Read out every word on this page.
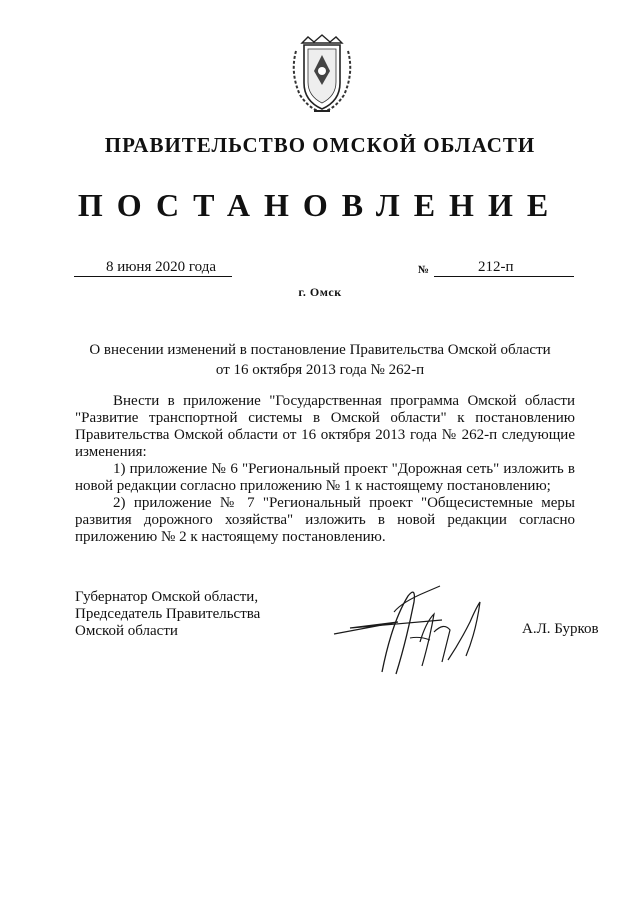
ПРАВИТЕЛЬСТВО ОМСКОЙ ОБЛАСТИ
ПОСТАНОВЛЕНИЕ
8 июня 2020 года	№	212-п
г. Омск
О внесении изменений в постановление Правительства Омской области
от 16 октября 2013 года № 262-п

Внести в приложение "Государственная программа Омской области "Развитие транспортной системы в Омской области" к постановлению Правительства Омской области от 16 октября 2013 года № 262-п следующие изменения:

1) приложение № 6 "Региональный проект "Дорожная сеть" изложить в новой редакции согласно приложению № 1 к настоящему постановлению;

2) приложение № 7 "Региональный проект "Общесистемные меры развития дорожного хозяйства" изложить в новой редакции согласно приложению № 2 к настоящему постановлению.

Губернатор Омской области,
Председатель Правительства
Омской области	А.Л. Бурков
